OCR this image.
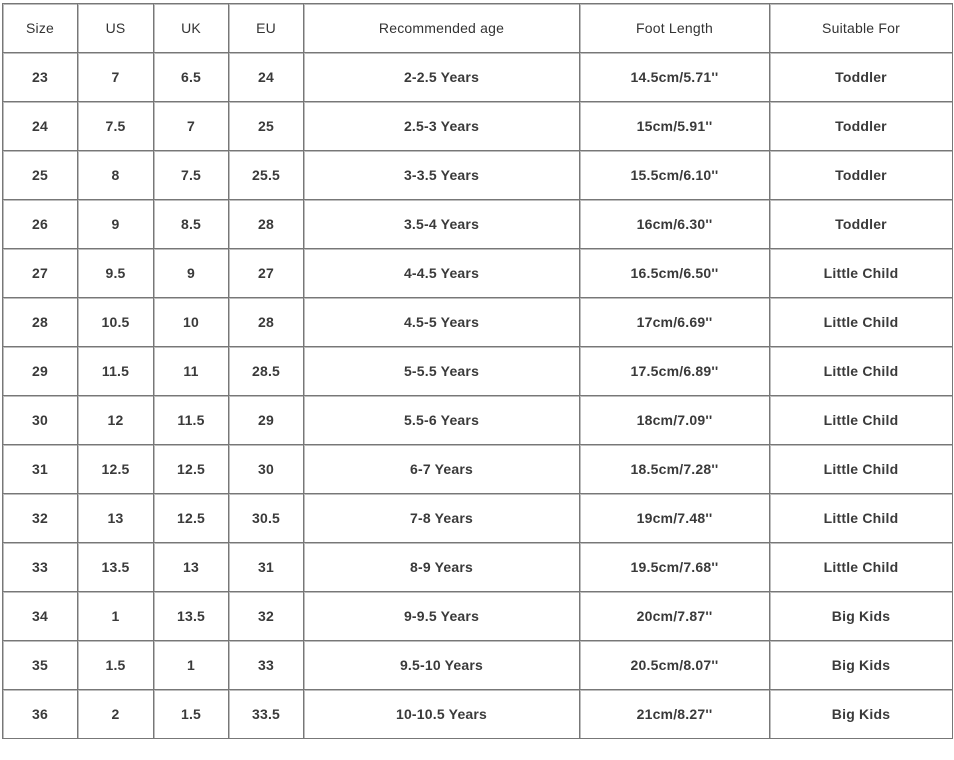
Size	US	UK	EU	Recommended age	Foot Length	Suitable For
23	7	6.5	24	2-2.5 Years	14.5cm/5.71''	Toddler
24	7.5	7	25	2.5-3 Years	15cm/5.91''	Toddler
25	8	7.5	25.5	3-3.5 Years	15.5cm/6.10''	Toddler
26	9	8.5	28	3.5-4 Years	16cm/6.30''	Toddler
27	9.5	9	27	4-4.5 Years	16.5cm/6.50''	Little Child
28	10.5	10	28	4.5-5 Years	17cm/6.69''	Little Child
29	11.5	11	28.5	5-5.5 Years	17.5cm/6.89''	Little Child
30	12	11.5	29	5.5-6 Years	18cm/7.09''	Little Child
31	12.5	12.5	30	6-7 Years	18.5cm/7.28''	Little Child
32	13	12.5	30.5	7-8 Years	19cm/7.48''	Little Child
33	13.5	13	31	8-9 Years	19.5cm/7.68''	Little Child
34	1	13.5	32	9-9.5 Years	20cm/7.87''	Big Kids
35	1.5	1	33	9.5-10 Years	20.5cm/8.07''	Big Kids
36	2	1.5	33.5	10-10.5 Years	21cm/8.27''	Big Kids
